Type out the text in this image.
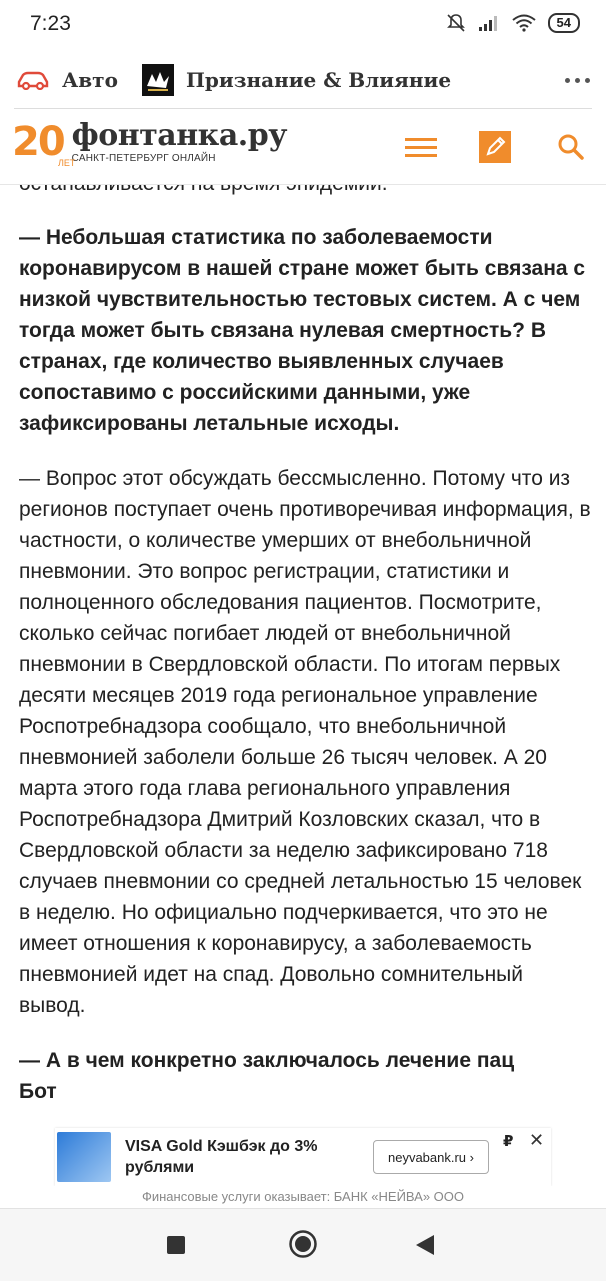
7:23	54
Авто	Признание & Влияние
20
ЛЕТ
фонтанка.ру
САНКТ-ПЕТЕРБУРГ ОНЛАЙН

— Небольшая статистика по заболеваемости коронавирусом в нашей стране может быть связана с низкой чувствительностью тестовых систем. А с чем тогда может быть связана нулевая смертность? В странах, где количество выявленных случаев сопоставимо с российскими данными, уже зафиксированы летальные исходы.

— Вопрос этот обсуждать бессмысленно. Потому что из регионов поступает очень противоречивая информация, в частности, о количестве умерших от внебольничной пневмонии. Это вопрос регистрации, статистики и полноценного обследования пациентов. Посмотрите, сколько сейчас погибает людей от внебольничной пневмонии в Свердловской области. По итогам первых десяти месяцев 2019 года региональное управление Роспотребнадзора сообщало, что внебольничной пневмонией заболели больше 26 тысяч человек. А 20 марта этого года глава регионального управления Роспотребнадзора Дмитрий Козловских сказал, что в Свердловской области за неделю зафиксировано 718 случаев пневмонии со средней летальностью 15 человек в неделю. Но официально подчеркивается, что это не имеет отношения к коронавирусу, а заболеваемость пневмонией идет на спад. Довольно сомнительный вывод.

— А в чем конкретно заключалось лечение пац

Бот

VISA Gold Кэшбэк до 3% рублями
neyvabank.ru ›
₽ ✕
Финансовые услуги оказывает: БАНК «НЕЙВА» ООО
